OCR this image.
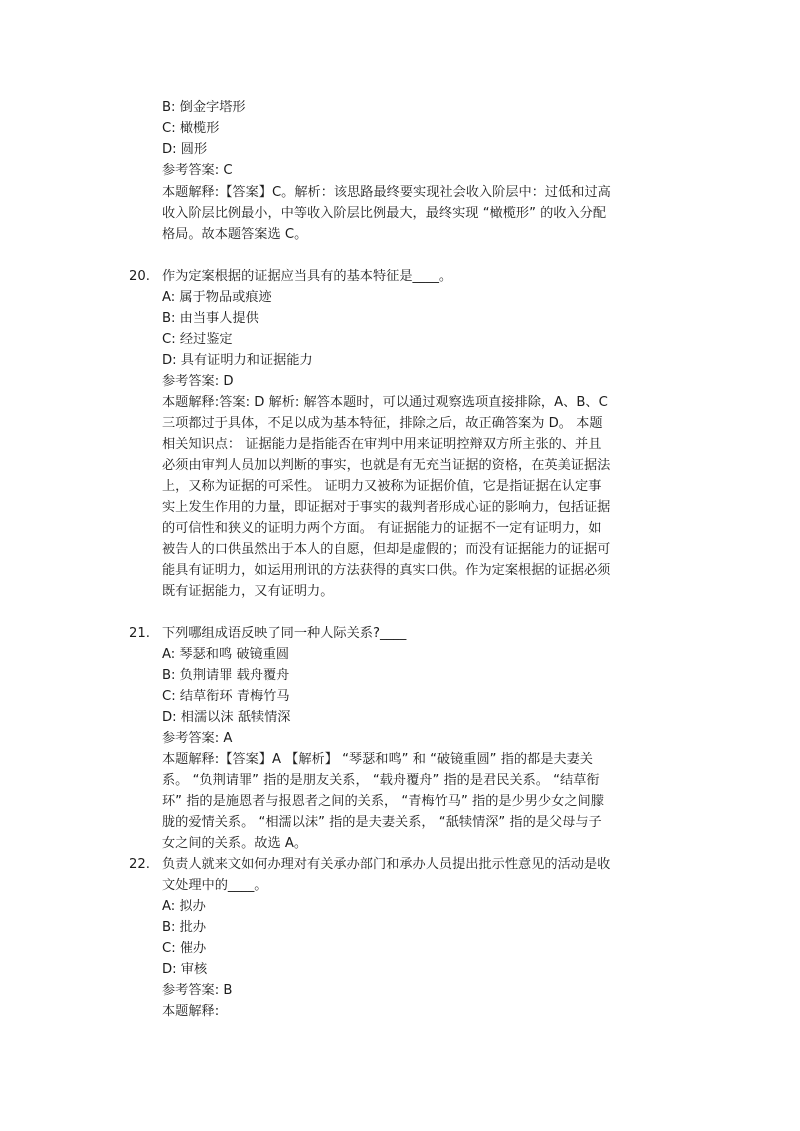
B: 倒金字塔形
C: 橄榄形
D: 圆形
参考答案: C
本题解释:【答案】C。解析：该思路最终要实现社会收入阶层中：过低和过高
收入阶层比例最小，中等收入阶层比例最大，最终实现 “橄榄形” 的收入分配
格局。故本题答案选 C。
20. 作为定案根据的证据应当具有的基本特征是____。
A: 属于物品或痕迹
B: 由当事人提供
C: 经过鉴定
D: 具有证明力和证据能力
参考答案: D
本题解释:答案: D 解析: 解答本题时，可以通过观察选项直接排除，A、B、C
三项都过于具体，不足以成为基本特征，排除之后，故正确答案为 D。 本题
相关知识点： 证据能力是指能否在审判中用来证明控辩双方所主张的、并且
必须由审判人员加以判断的事实，也就是有无充当证据的资格，在英美证据法
上，又称为证据的可采性。 证明力又被称为证据价值，它是指证据在认定事
实上发生作用的力量，即证据对于事实的裁判者形成心证的影响力，包括证据
的可信性和狭义的证明力两个方面。 有证据能力的证据不一定有证明力，如
被告人的口供虽然出于本人的自愿，但却是虚假的；而没有证据能力的证据可
能具有证明力，如运用刑讯的方法获得的真实口供。作为定案根据的证据必须
既有证据能力，又有证明力。
21. 下列哪组成语反映了同一种人际关系?____
A: 琴瑟和鸣 破镜重圆
B: 负荆请罪 载舟覆舟
C: 结草衔环 青梅竹马
D: 相濡以沫 舐犊情深
参考答案: A
本题解释:【答案】A 【解析】 “琴瑟和鸣” 和 “破镜重圆” 指的都是夫妻关
系。 “负荆请罪” 指的是朋友关系， “载舟覆舟” 指的是君民关系。 “结草衔
环” 指的是施恩者与报恩者之间的关系， “青梅竹马” 指的是少男少女之间朦
胧的爱情关系。 “相濡以沫” 指的是夫妻关系， “舐犊情深” 指的是父母与子
女之间的关系。故选 A。
22. 负责人就来文如何办理对有关承办部门和承办人员提出批示性意见的活动是收
文处理中的____。
A: 拟办
B: 批办
C: 催办
D: 审核
参考答案: B
本题解释:
